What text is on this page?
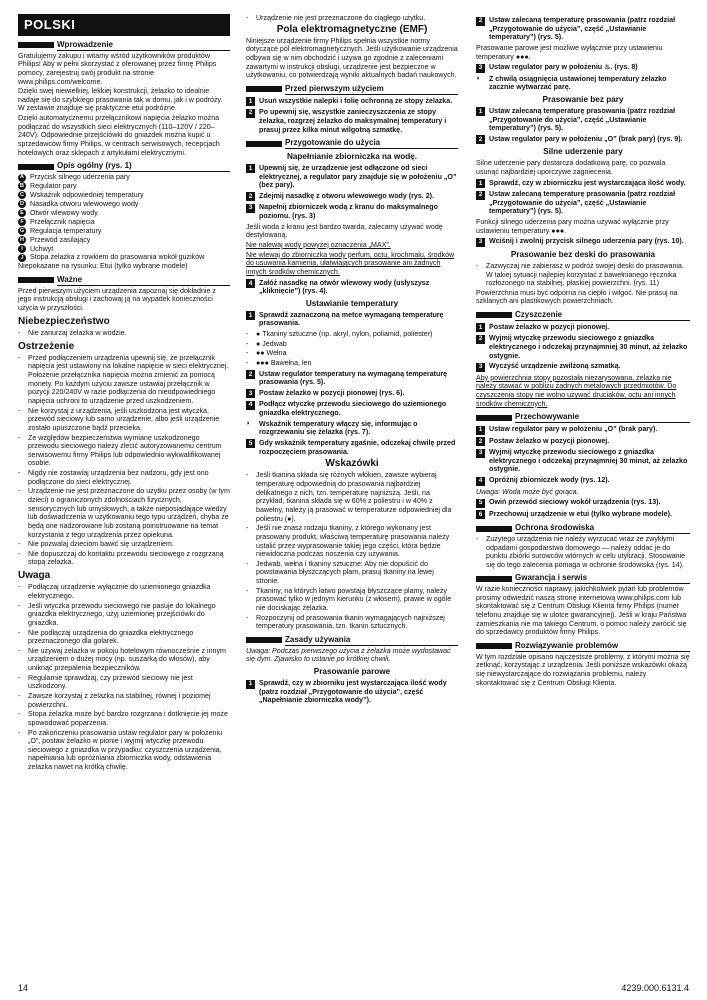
POLSKI
Wprowadzenie

Gratulujemy zakupu i witamy wśród użytkowników produktów Philips! Aby w pełni skorzystać z oferowanej przez firmę Philips pomocy, zarejestruj swój produkt na stronie www.philips.com/welcome.

Dzięki swej niewielkiej, lekkiej konstrukcji, żelazko to idealnie nadaje się do szybkiego prasowania tak w domu, jak i w podróży. W zestawie znajduje się praktyczne etui podróżne.

Dzięki automatycznemu przełącznikowi napięcia żelazko można podłączać do wszystkich sieci elektrycznych (110–120V / 220–240V). Odpowiednie przejściówki do gniazdek można kupić u sprzedawców firmy Philips, w centrach serwisowych, recepcjach hotelowych oraz sklepach z artykułami elektrycznymi.

Opis ogólny (rys. 1)
A Przycisk silnego uderzenia pary
B Regulator pary
C Wskaźnik odpowiedniej temperatury
D Nasadka otworu wlewowego wody
E Otwór wlewowy wody
F Przełącznik napięcia
G Regulacja temperatury
H Przewód zasilający
I	Uchwyt
J Stopa żelazka z rowkiem do prasowania wokół guzików

Niepokazane na rysunku: Etui (tylko wybrane modele)

Ważne

Przed pierwszym użyciem urządzenia zapoznaj się dokładnie z jego instrukcją obsługi i zachowaj ją na wypadek konieczności użycia w przyszłości.

Niebezpieczeństwo
-	Nie zanurzaj żelazka w wodzie.
Ostrzeżenie
-	Przed podłączeniem urządzenia upewnij się, że przełącznik napięcia jest ustawiony na lokalne napięcie w sieci elektrycznej. Położenie przełącznika napięcia można zmienić za pomocą monety. Po każdym użyciu zawsze ustawiaj przełącznik w pozycji 220/240V w razie podłączenia do nieodpowiedniego napięcia uchroni to urządzenie przed uszkodzeniem.
-	Nie korzystaj z urządzenia, jeśli uszkodzona jest wtyczka, przewód sieciowy lub samo urządzenie, albo jeśli urządzenie zostało upuszczone bądź przecieka.
-	Ze względów bezpieczeństwa wymianę uszkodzonego przewodu sieciowego należy zlecić autoryzowanemu centrum serwisowemu firmy Philips lub odpowiednio wykwalifikowanej osobie.
-	Nigdy nie zostawiaj urządzenia bez nadzoru, gdy jest ono podłączone do sieci elektrycznej.
-	Urządzenie nie jest przeznaczone do użytku przez osoby (w tym dzieci) o ograniczonych zdolnościach fizycznych, sensorycznych lub umysłowych, a także nieposiadające wiedzy lub doświadczenia w użytkowaniu tego typu urządzeń, chyba że będą one nadzorowane lub zostaną poinstruowane na temat korzystania z tego urządzenia przez opiekuna.
-	Nie pozwalaj dzieciom bawić się urządzeniem.
-	Nie dopuszczaj do kontaktu przewodu sieciowego z rozgrzaną stopą żelazka.
Uwaga
-	Podłączaj urządzenie wyłącznie do uziemionego gniazdka elektrycznego.
-	Jeśli wtyczka przewodu sieciowego nie pasuje do lokalnego gniazdka elektrycznego, użyj uziemionej przejściówki do gniazdka.
-	Nie podłączaj urządzenia do gniazdka elektrycznego przeznaczonego dla golarek.
-	Nie używaj żelazka w pokoju hotelowym równocześnie z innym urządzeniem o dużej mocy (np. suszarką do włosów), aby uniknąć przepalenia bezpieczników.
-	Regularnie sprawdzaj, czy przewód sieciowy nie jest uszkodzony.
-	Zawsze korzystaj z żelazka na stabilnej, równej i poziomej powierzchni.
-	Stopa żelazka może być bardzo rozgrzana i dotknięcie jej może spowodować poparzenia.
-	Po zakończeniu prasowania ustaw regulator pary w położeniu „O”, postaw żelazko w pionie i wyjmij wtyczkę przewodu sieciowego z gniazdka w przypadku: czyszczenia urządzenia, napełniania lub opróżniania zbiorniczka wody, odstawienia żelazka nawet na krótką chwilę.
-	Urządzenie nie jest przeznaczone do ciągłego użytku.
Pola elektromagnetyczne (EMF)

Niniejsze urządzenie firmy Philips spełnia wszystkie normy dotyczące pól elektromagnetycznych. Jeśli użytkowanie urządzenia odbywa się w nim obchodzić i używa go zgodnie z zaleceniami zawartymi w instrukcji obsługi, urządzenie jest bezpieczne w użytkowaniu, co potwierdzają wyniki aktualnych badań naukowych.

Przed pierwszym użyciem
1 Usuń wszystkie nalepki i folię ochronną ze stopy żelazka.
2 Po upewnij się, wszystkie zanieczyszczenia ze stopy żelazka, rozgrzej żelazko do maksymalnej temperatury i prasuj przez kilka minut wilgotną szmatkę.
Przygotowanie do użycia
Napełnianie zbiorniczka na wodę.
1 Upewnij się, że urządzenie jest odłączone od sieci elektrycznej, a regulator pary znajduje się w położeniu „O” (bez pary).
2 Zdejmij nasadkę z otworu wlewowego wody (rys. 2).
3 Napełnij zbiorniczek wodą z kranu do maksymalnego poziomu. (rys. 3)

Jeśli woda z kranu jest bardzo twarda, zalecamy używać wodę destylowaną.

Nie nalewaj wody powyżej oznaczenia „MAX”.

Nie wlewaj do zbiorniczka wody perfum, octu, krochmalu, środków do usuwania kamienia, ułatwiających prasowanie ani żadnych innych środków chemicznych.

4 Załóż nasadkę na otwór wlewowy wody (usłyszysz „kliknięcie”) (rys. 4).
Ustawianie temperatury
1 Sprawdź zaznaczoną na metce wymaganą temperaturę prasowania.
-	● Tkaniny sztuczne (np. akryl, nylon, poliamid, poliester)
-	● Jedwab
-	●● Wełna
-	●●● Bawełna, len
2 Ustaw regulator temperatury na wymaganą temperaturę prasowania (rys. 5).
3 Postaw żelazko w pozycji pionowej (rys. 6).
4 Podłącz wtyczkę przewodu sieciowego do uziemionego gniazdka elektrycznego.
◗	Wskaźnik temperatury włączy się, informując o rozgrzewaniu się żelazka (rys. 7).
5 Gdy wskaźnik temperatury zgaśnie, odczekaj chwilę przed rozpoczęciem prasowania.
Wskazówki
-	Jeśli tkanina składa się różnych włókien, zawsze wybieraj temperaturę odpowiednią do prasowania najbardziej delikatnego z nich, tzn. temperaturę najniższą. Jeśli, na przykład, tkanina składa się w 60% z poliestru i w 40% z bawełny, należy ją prasować w temperaturze odpowiedniej dla poliestru (●).
-	Jeśli nie znasz rodzaju tkaniny, z którego wykonany jest prasowany produkt, właściwą temperaturę prasowania należy ustalić przez wyprasowanie takiej jego części, która będzie niewidoczna podczas noszenia czy używania.
-	Jedwab, wełna i tkaniny sztuczne: Aby nie dopuścić do powstawania błyszczących plam, prasuj tkaniny na lewej stronie.
-	Tkaniny, na których łatwo powstają błyszczące plamy, należy prasować tylko w jednym kierunku (z włosem), prawie w ogóle nie dociskając żelazka.
-	Rozpoczynij od prasowania tkanin wymagających najniższej temperatury prasowania, tzn. tkanin sztucznych.
Zasady używania

Uwaga: Podczas pierwszego użycia z żelazka może wydostawać się dym. Zjawisko to ustanie po krótkiej chwili.

Prasowanie parowe
1 Sprawdź, czy w zbiorniku jest wystarczająca ilość wody (patrz rozdział „Przygotowanie do użycia”, część „Napełnianie zbiorniczka wody”).
2 Ustaw zalecaną temperaturę prasowania (patrz rozdział „Przygotowanie do użycia”, część „Ustawianie temperatury”) (rys. 5).

Prasowanie parowe jest możliwe wyłącznie przy ustawieniu temperatury ●●●.

3 Ustaw regulator pary w położeniu ♨. (rys. 8)
◗	Z chwilą osiągnięcia ustawionej temperatury żelazko zacznie wytwarzać parę.
Prasowanie bez pary
1 Ustaw zalecaną temperaturę prasowania (patrz rozdział „Przygotowanie do użycia”, część „Ustawianie temperatury”) (rys. 5).
2 Ustaw regulator pary w położeniu „O” (brak pary) (rys. 9).
Silne uderzenie pary

Silne uderzenie pary dostarcza dodatkową parę, co pozwala usunąć najbardziej uporczywe zagniecenia.

1 Sprawdź, czy w zbiorniczku jest wystarczająca ilość wody.
2 Ustaw zalecaną temperaturę prasowania (patrz rozdział „Przygotowanie do użycia”, część „Ustawianie temperatury”) (rys. 5).

Funkcji silnego uderzenia pary można używać wyłącznie przy ustawieniu temperatury ●●●.

3 Wciśnij i zwolnij przycisk silnego uderzenia pary (rys. 10).
Prasowanie bez deski do prasowania
-	Zazwyczaj nie zabierasz w podróż swojej deski do prasowania. W takiej sytuacji najlepiej korzystać z bawełnianego ręcznika rozłożonego na stabilnej, płaskiej powierzchni. (rys. 11)

Powierzchnia musi być odporna na ciepło i wilgoć. Nie prasuj na szklanych ani plastikowych powierzchniach.

Czyszczenie
1 Postaw żelazko w pozycji pionowej.
2 Wyjmij wtyczkę przewodu sieciowego z gniazdka elektrycznego i odczekaj przynajmniej 30 minut, aż żelazko ostygnie.
3 Wyczyść urządzenie zwilżoną szmatką.

Aby powierzchnia stopy pozostała niezarysowana, żelazka nie należy stawiać w pobliżu żadnych metalowych przedmiotów. Do czyszczenia stopy nie wolno używać druciaków, octu ani innych środków chemicznych.

Przechowywanie
1 Ustaw regulator pary w położeniu „O” (brak pary).
2 Postaw żelazko w pozycji pionowej.
3 Wyjmij wtyczkę przewodu sieciowego z gniazdka elektrycznego i odczekaj przynajmniej 30 minut, aż żelazko ostygnie.
4 Opróżnij zbiorniczek wody (rys. 12).

Uwaga: Woda może być gorąca.

5 Owiń przewód sieciowy wokół urządzenia (rys. 13).
6 Przechowuj urządzenie w etui (tylko wybrane modele).
Ochrona środowiska
-	Zużytego urządzenia nie należy wyrzucać wraz ze zwykłymi odpadami gospodarstwa domowego — należy oddać je do punktu zbiórki surowców wtórnych w celu utylizacji. Stosowanie się do tego zalecenia pomaga w ochronie środowiska (rys. 14).
Gwarancja i serwis

W razie konieczności naprawy, jakichkolwiek pytań lub problemów prosimy odwiedzić naszą stronę internetową www.philips.com lub skontaktować się z Centrum Obsługi Klienta firmy Philips (numer telefonu znajduje się w ulotce gwarancyjnej). Jeśli w kraju Państwa zamieszkania nie ma takiego Centrum, o pomoc należy zwrócić się do sprzedawcy produktów firmy Philips.

Rozwiązywanie problemów

W tym rozdziale opisano najczęstsze problemy, z którymi można się zetknąć, korzystając z urządzenia. Jeśli poniższe wskazówki okażą się niewystarczające do rozwiązania problemu, należy skontaktować się z Centrum Obsługi Klienta.

14	4239.000.6131.4
